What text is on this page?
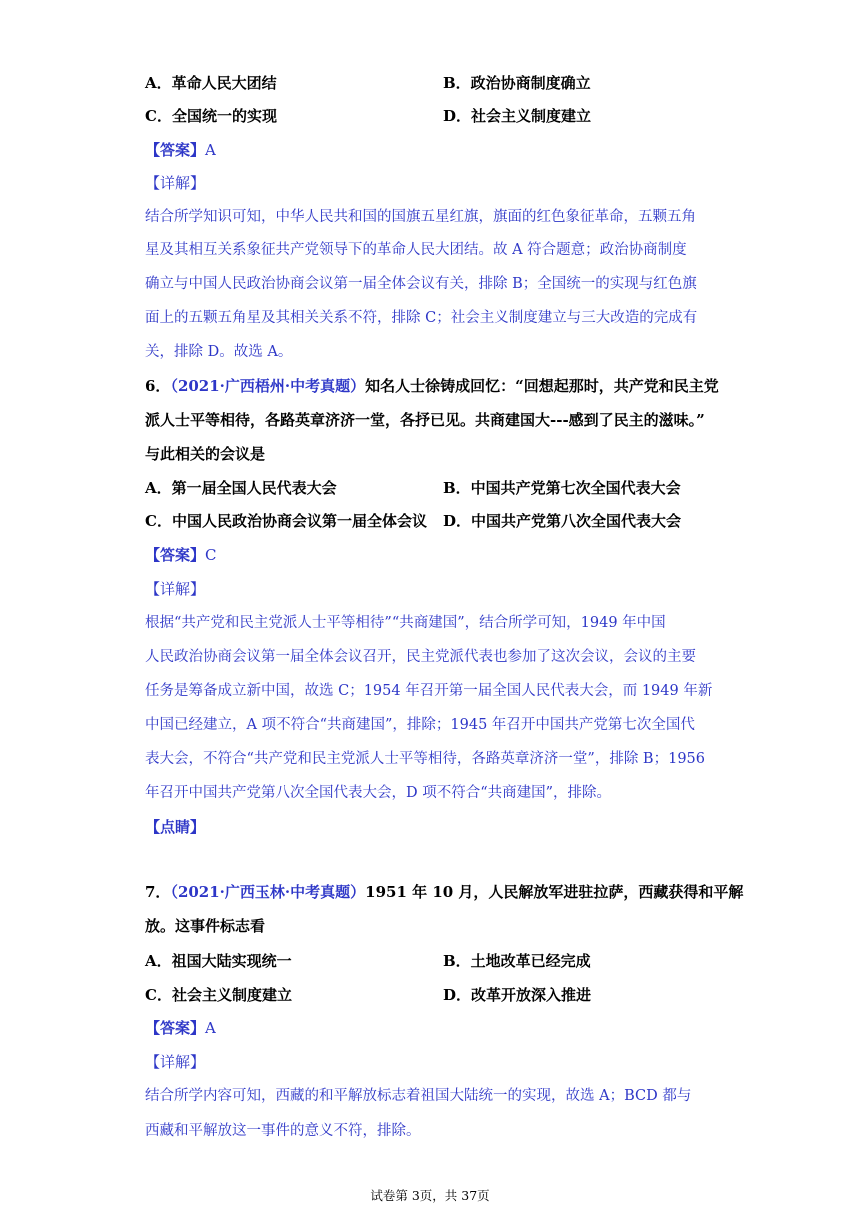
A．革命人民大团结	B．政治协商制度确立
C．全国统一的实现	D．社会主义制度建立
【答案】A
【详解】
结合所学知识可知，中华人民共和国的国旗五星红旗，旗面的红色象征革命，五颗五角
星及其相互关系象征共产党领导下的革命人民大团结。故 A 符合题意；政治协商制度
确立与中国人民政治协商会议第一届全体会议有关，排除 B；全国统一的实现与红色旗
面上的五颗五角星及其相关关系不符，排除 C；社会主义制度建立与三大改造的完成有
关，排除 D。故选 A。
6．（2021·广西梧州·中考真题）知名人士徐铸成回忆：“回想起那时，共产党和民主党
派人士平等相待，各路英章济济一堂，各抒已见。共商建国大---感到了民主的滋味。”
与此相关的会议是
A．第一届全国人民代表大会	B．中国共产党第七次全国代表大会
C．中国人民政治协商会议第一届全体会议 D．中国共产党第八次全国代表大会
【答案】C
【详解】
根据“共产党和民主党派人士平等相待”“共商建国”，结合所学可知，1949 年中国
人民政治协商会议第一届全体会议召开，民主党派代表也参加了这次会议，会议的主要
任务是筹备成立新中国，故选 C；1954 年召开第一届全国人民代表大会，而 1949 年新
中国已经建立，A 项不符合“共商建国”，排除；1945 年召开中国共产党第七次全国代
表大会，不符合“共产党和民主党派人士平等相待，各路英章济济一堂”，排除 B；1956
年召开中国共产党第八次全国代表大会，D 项不符合“共商建国”，排除。
【点睛】
7．（2021·广西玉林·中考真题）1951 年 10 月，人民解放军进驻拉萨，西藏获得和平解
放。这事件标志看
A．祖国大陆实现统一	B．土地改革已经完成
C．社会主义制度建立	D．改革开放深入推进
【答案】A
【详解】
结合所学内容可知，西藏的和平解放标志着祖国大陆统一的实现，故选 A；BCD 都与
西藏和平解放这一事件的意义不符，排除。
试卷第 3页，共 37页
